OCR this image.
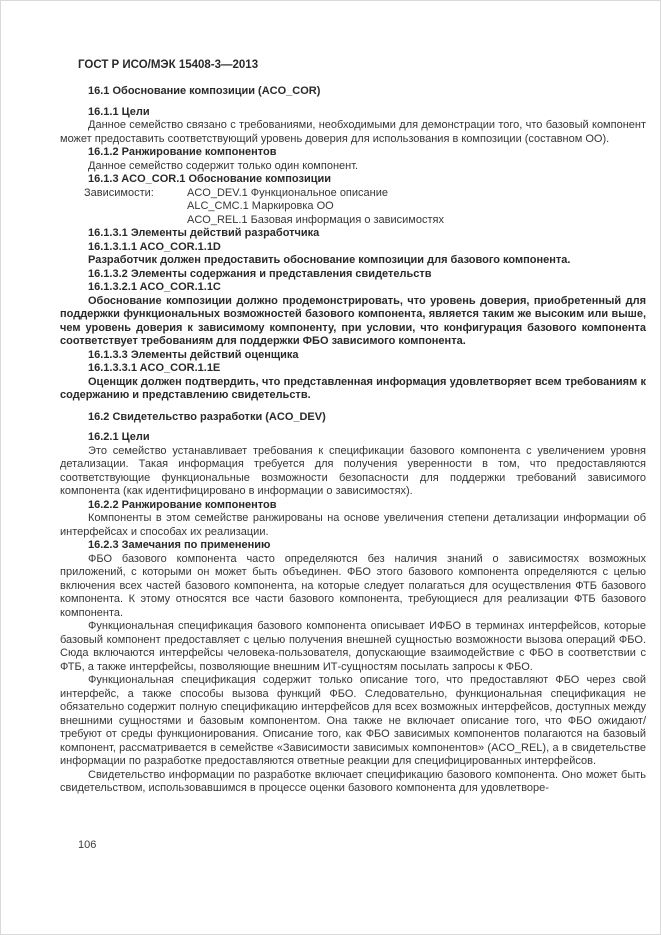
ГОСТ Р ИСО/МЭК 15408-3—2013
16.1 Обоснование композиции (ACO_COR)
16.1.1 Цели

Данное семейство связано с требованиями, необходимыми для демонстрации того, что базовый компонент может предоставить соответствующий уровень доверия для использования в композиции (составном ОО).

16.1.2 Ранжирование компонентов

Данное семейство содержит только один компонент.

16.1.3 ACO_COR.1 Обоснование композиции
Зависимости:	ACO_DEV.1 Функциональное описание
ALC_CMC.1 Маркировка ОО
ACO_REL.1 Базовая информация о зависимостях
16.1.3.1 Элементы действий разработчика
16.1.3.1.1 ACO_COR.1.1D

Разработчик должен предоставить обоснование композиции для базового компонента.

16.1.3.2 Элементы содержания и представления свидетельств
16.1.3.2.1 ACO_COR.1.1C

Обоснование композиции должно продемонстрировать, что уровень доверия, приобретенный для поддержки функциональных возможностей базового компонента, является таким же высоким или выше, чем уровень доверия к зависимому компоненту, при условии, что конфигурация базового компонента соответствует требованиям для поддержки ФБО зависимого компонента.

16.1.3.3 Элементы действий оценщика
16.1.3.3.1 ACO_COR.1.1E

Оценщик должен подтвердить, что представленная информация удовлетворяет всем требованиям к содержанию и представлению свидетельств.

16.2 Свидетельство разработки (ACO_DEV)
16.2.1 Цели

Это семейство устанавливает требования к спецификации базового компонента с увеличением уровня детализации. Такая информация требуется для получения уверенности в том, что предоставляются соответствующие функциональные возможности безопасности для поддержки требований зависимого компонента (как идентифицировано в информации о зависимостях).

16.2.2 Ранжирование компонентов

Компоненты в этом семействе ранжированы на основе увеличения степени детализации информации об интерфейсах и способах их реализации.

16.2.3 Замечания по применению

ФБО базового компонента часто определяются без наличия знаний о зависимостях возможных приложений, с которыми он может быть объединен. ФБО этого базового компонента определяются с целью включения всех частей базового компонента, на которые следует полагаться для осуществления ФТБ базового компонента. К этому относятся все части базового компонента, требующиеся для реализации ФТБ базового компонента.

Функциональная спецификация базового компонента описывает ИФБО в терминах интерфейсов, которые базовый компонент предоставляет с целью получения внешней сущностью возможности вызова операций ФБО. Сюда включаются интерфейсы человека-пользователя, допускающие взаимодействие с ФБО в соответствии с ФТБ, а также интерфейсы, позволяющие внешним ИТ-сущностям посылать запросы к ФБО.

Функциональная спецификация содержит только описание того, что предоставляют ФБО через свой интерфейс, а также способы вызова функций ФБО. Следовательно, функциональная спецификация не обязательно содержит полную спецификацию интерфейсов для всех возможных интерфейсов, доступных между внешними сущностями и базовым компонентом. Она также не включает описание того, что ФБО ожидают/требуют от среды функционирования. Описание того, как ФБО зависимых компонентов полагаются на базовый компонент, рассматривается в семействе «Зависимости зависимых компонентов» (ACO_REL), а в свидетельстве информации по разработке предоставляются ответные реакции для специфицированных интерфейсов.

Свидетельство информации по разработке включает спецификацию базового компонента. Оно может быть свидетельством, использовавшимся в процессе оценки базового компонента для удовлетворе-

106
